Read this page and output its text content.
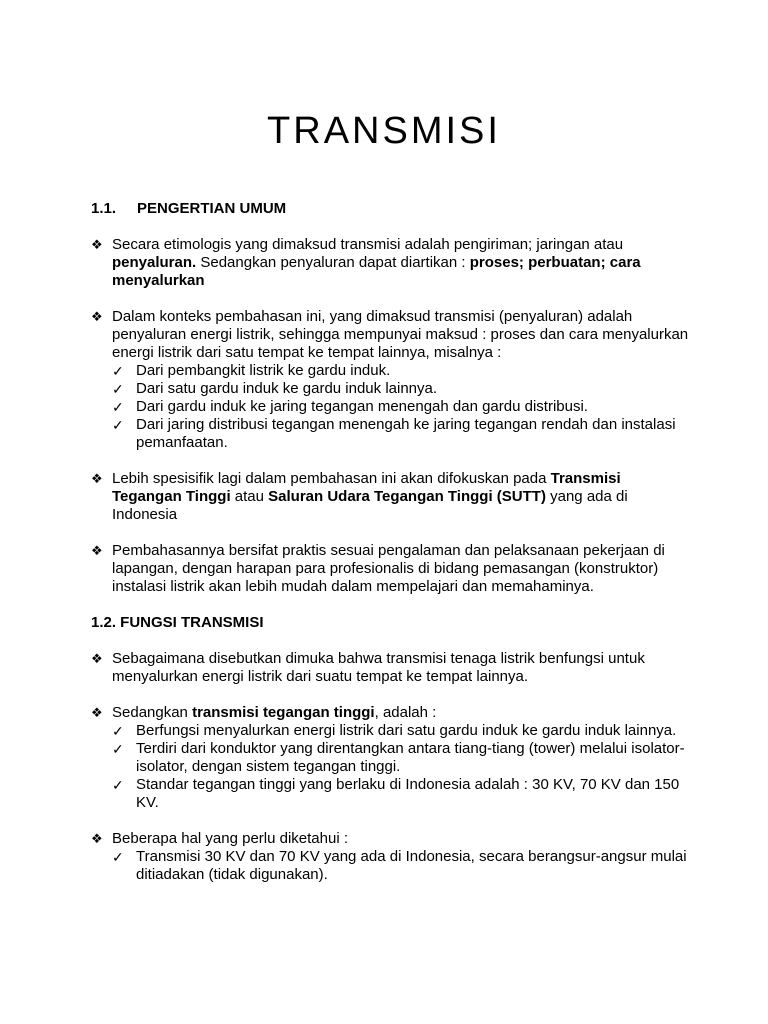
TRANSMISI
1.1. PENGERTIAN UMUM
❖ Secara etimologis yang dimaksud transmisi adalah pengiriman; jaringan atau penyaluran. Sedangkan penyaluran dapat diartikan : proses; perbuatan; cara menyalurkan
❖ Dalam konteks pembahasan ini, yang dimaksud transmisi (penyaluran) adalah penyaluran energi listrik, sehingga mempunyai maksud : proses dan cara menyalurkan energi listrik dari satu tempat ke tempat lainnya, misalnya :
✓ Dari pembangkit listrik ke gardu induk.
✓ Dari satu gardu induk ke gardu induk lainnya.
✓ Dari gardu induk ke jaring tegangan menengah dan gardu distribusi.
✓ Dari jaring distribusi tegangan menengah ke jaring tegangan rendah dan instalasi pemanfaatan.
❖ Lebih spesisifik lagi dalam pembahasan ini akan difokuskan pada Transmisi Tegangan Tinggi atau Saluran Udara Tegangan Tinggi (SUTT) yang ada di Indonesia
❖ Pembahasannya bersifat praktis sesuai pengalaman dan pelaksanaan pekerjaan di lapangan, dengan harapan para profesionalis di bidang pemasangan (konstruktor) instalasi listrik akan lebih mudah dalam mempelajari dan memahaminya.
1.2. FUNGSI TRANSMISI
❖ Sebagaimana disebutkan dimuka bahwa transmisi tenaga listrik benfungsi untuk menyalurkan energi listrik dari suatu tempat ke tempat lainnya.
❖ Sedangkan transmisi tegangan tinggi, adalah :
✓ Berfungsi menyalurkan energi listrik dari satu gardu induk ke gardu induk lainnya.
✓ Terdiri dari konduktor yang direntangkan antara tiang-tiang (tower) melalui isolator-isolator, dengan sistem tegangan tinggi.
✓ Standar tegangan tinggi yang berlaku di Indonesia adalah : 30 KV, 70 KV dan 150 KV.
❖ Beberapa hal yang perlu diketahui :
✓ Transmisi 30 KV dan 70 KV yang ada di Indonesia, secara berangsur-angsur mulai ditiadakan (tidak digunakan).
